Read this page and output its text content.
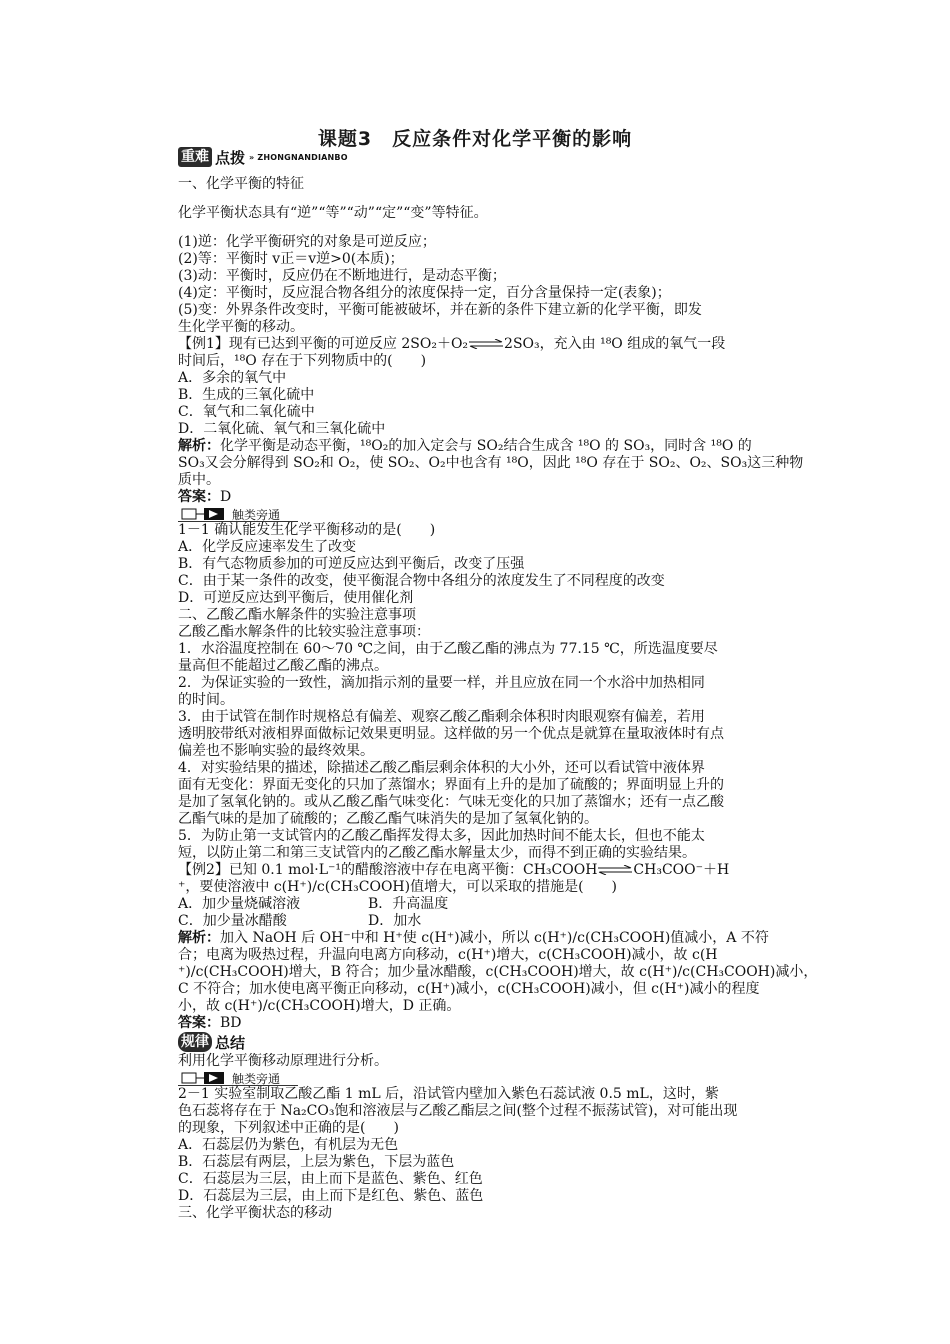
课题3　反应条件对化学平衡的影响
重难 点拨 » ZHONGNANDIANBO
一、化学平衡的特征
化学平衡状态具有“逆”“等”“动”“定”“变”等特征。
(1)逆：化学平衡研究的对象是可逆反应；
(2)等：平衡时 v正＝v逆>0(本质)；
(3)动：平衡时，反应仍在不断地进行，是动态平衡；
(4)定：平衡时，反应混合物各组分的浓度保持一定，百分含量保持一定(表象)；
(5)变：外界条件改变时，平衡可能被破坏，并在新的条件下建立新的化学平衡，即发
生化学平衡的移动。
【例1】现有已达到平衡的可逆反应 2SO₂＋O₂⇌2SO₃，充入由 ¹⁸O 组成的氧气一段
时间后，¹⁸O 存在于下列物质中的(　　)
A．多余的氧气中
B．生成的三氧化硫中
C．氧气和二氧化硫中
D．二氧化硫、氧气和三氧化硫中
解析：化学平衡是动态平衡，¹⁸O₂的加入定会与 SO₂结合生成含 ¹⁸O 的 SO₃，同时含 ¹⁸O 的
SO₃又会分解得到 SO₂和 O₂，使 SO₂、O₂中也含有 ¹⁸O，因此 ¹⁸O 存在于 SO₂、O₂、SO₃这三种物
质中。
答案：D
触类旁通
1－1 确认能发生化学平衡移动的是(　　)
A．化学反应速率发生了改变
B．有气态物质参加的可逆反应达到平衡后，改变了压强
C．由于某一条件的改变，使平衡混合物中各组分的浓度发生了不同程度的改变
D．可逆反应达到平衡后，使用催化剂
二、乙酸乙酯水解条件的实验注意事项
乙酸乙酯水解条件的比较实验注意事项：
1．水浴温度控制在 60～70 ℃之间，由于乙酸乙酯的沸点为 77.15 ℃，所选温度要尽
量高但不能超过乙酸乙酯的沸点。
2．为保证实验的一致性，滴加指示剂的量要一样，并且应放在同一个水浴中加热相同
的时间。
3．由于试管在制作时规格总有偏差、观察乙酸乙酯剩余体积时肉眼观察有偏差，若用
透明胶带纸对液相界面做标记效果更明显。这样做的另一个优点是就算在量取液体时有点
偏差也不影响实验的最终效果。
4．对实验结果的描述，除描述乙酸乙酯层剩余体积的大小外，还可以看试管中液体界
面有无变化：界面无变化的只加了蒸馏水；界面有上升的是加了硫酸的；界面明显上升的
是加了氢氧化钠的。或从乙酸乙酯气味变化：气味无变化的只加了蒸馏水；还有一点乙酸
乙酯气味的是加了硫酸的；乙酸乙酯气味消失的是加了氢氧化钠的。
5．为防止第一支试管内的乙酸乙酯挥发得太多，因此加热时间不能太长，但也不能太
短，以防止第二和第三支试管内的乙酸乙酯水解量太少，而得不到正确的实验结果。
【例2】已知 0.1 mol·L⁻¹的醋酸溶液中存在电离平衡：CH₃COOH⇌CH₃COO⁻＋H
⁺，要使溶液中 c(H⁺)/c(CH₃COOH)值增大，可以采取的措施是(　　)
A．加少量烧碱溶液	B．升高温度
C．加少量冰醋酸	D．加水
解析：加入 NaOH 后 OH⁻中和 H⁺使 c(H⁺)减小，所以 c(H⁺)/c(CH₃COOH)值减小，A 不符
合；电离为吸热过程，升温向电离方向移动，c(H⁺)增大，c(CH₃COOH)减小，故 c(H
⁺)/c(CH₃COOH)增大，B 符合；加少量冰醋酸，c(CH₃COOH)增大，故 c(H⁺)/c(CH₃COOH)减小，
C 不符合；加水使电离平衡正向移动，c(H⁺)减小，c(CH₃COOH)减小，但 c(H⁺)减小的程度
小，故 c(H⁺)/c(CH₃COOH)增大，D 正确。
答案：BD
规律 总结
利用化学平衡移动原理进行分析。
触类旁通
2－1 实验室制取乙酸乙酯 1 mL 后，沿试管内壁加入紫色石蕊试液 0.5 mL，这时，紫
色石蕊将存在于 Na₂CO₃饱和溶液层与乙酸乙酯层之间(整个过程不振荡试管)，对可能出现
的现象，下列叙述中正确的是(　　)
A．石蕊层仍为紫色，有机层为无色
B．石蕊层有两层，上层为紫色，下层为蓝色
C．石蕊层为三层，由上而下是蓝色、紫色、红色
D．石蕊层为三层，由上而下是红色、紫色、蓝色
三、化学平衡状态的移动
